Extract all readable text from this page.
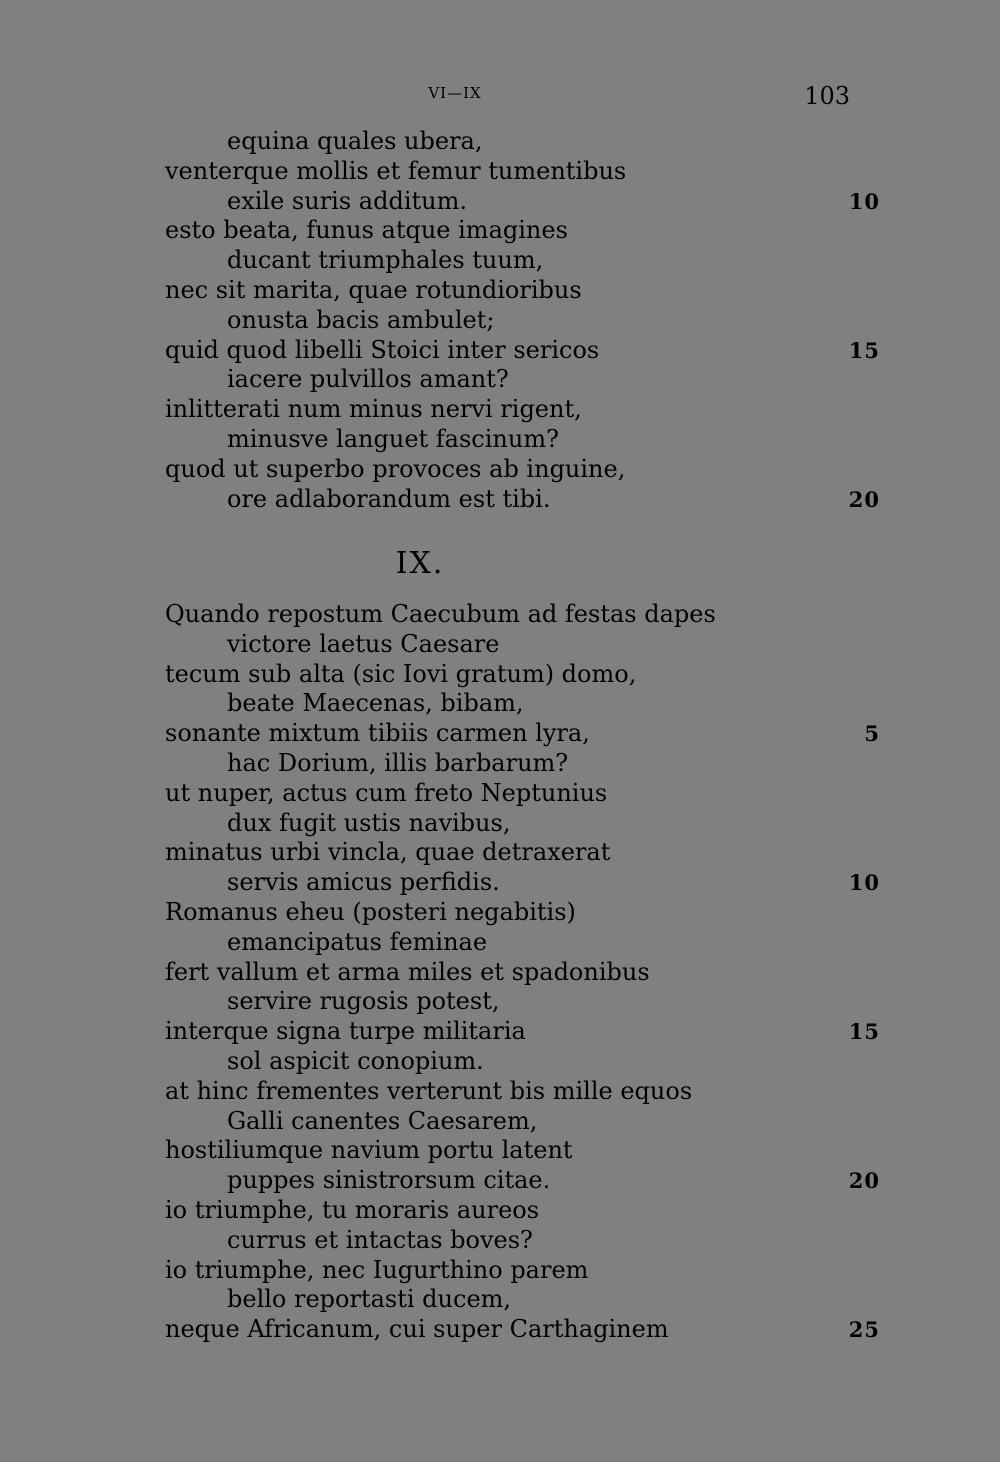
VI—IX	103
equina quales ubera,
venterque mollis et femur tumentibus
exile suris additum.	10
esto beata, funus atque imagines
ducant triumphales tuum,
nec sit marita, quae rotundioribus
onusta bacis ambulet;
quid quod libelli Stoici inter sericos	15
iacere pulvillos amant?
inlitterati num minus nervi rigent,
minusve languet fascinum?
quod ut superbo provoces ab inguine,
ore adlaborandum est tibi.	20
IX.
Quando repostum Caecubum ad festas dapes
victore laetus Caesare
tecum sub alta (sic Iovi gratum) domo,
beate Maecenas, bibam,
sonante mixtum tibiis carmen lyra,	5
hac Dorium, illis barbarum?
ut nuper, actus cum freto Neptunius
dux fugit ustis navibus,
minatus urbi vincla, quae detraxerat
servis amicus perfidis.	10
Romanus eheu (posteri negabitis)
emancipatus feminae
fert vallum et arma miles et spadonibus
servire rugosis potest,
interque signa turpe militaria	15
sol aspicit conopium.
at hinc frementes verterunt bis mille equos
Galli canentes Caesarem,
hostiliumque navium portu latent
puppes sinistrorsum citae.	20
io triumphe, tu moraris aureos
currus et intactas boves?
io triumphe, nec Iugurthino parem
bello reportasti ducem,
neque Africanum, cui super Carthaginem	25
